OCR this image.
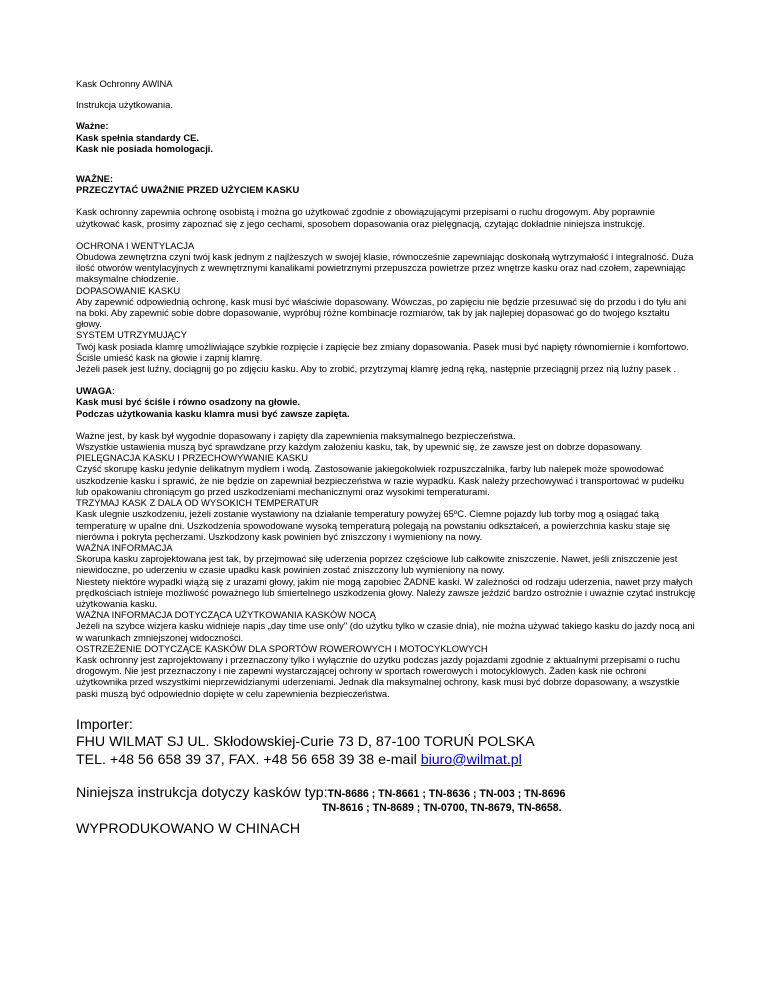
Kask Ochronny AWINA

Instrukcja użytkowania.

Ważne:

Kask spełnia standardy CE.

Kask nie posiada homologacji.

WAŻNE:

PRZECZYTAĆ UWAŻNIE PRZED UŻYCIEM KASKU

Kask ochronny zapewnia ochronę osobistą i można go użytkować zgodnie z obowiązującymi przepisami o ruchu drogowym. Aby poprawnie użytkować kask, prosimy zapoznać się z jego cechami, sposobem dopasowania oraz pielęgnacją, czytając dokładnie niniejsza instrukcję.

OCHRONA I WENTYLACJA

Obudowa zewnętrzna czyni twój kask jednym z najlżeszych w swojej klasie, równocześnie zapewniając doskonałą wytrzymałość i integralność. Duża ilość otworów wentylacyjnych z wewnętrznymi kanalikami powietrznymi przepuszcza powietrze przez wnętrze kasku oraz nad czołem, zapewniając maksymalne chłodzenie.

DOPASOWANIE KASKU

Aby zapewnić odpowiednią ochronę, kask musi być właściwie dopasowany. Wówczas, po zapięciu nie będzie przesuwać się do przodu i do tyłu ani na boki. Aby zapewnić sobie dobre dopasowanie, wypróbuj różne kombinacje rozmiarów, tak by jak najlepiej dopasować go do twojego kształtu głowy.

SYSTEM UTRZYMUJĄCY

Twój kask posiada klamrę umożliwiające szybkie rozpięcie i zapięcie bez zmiany dopasowania. Pasek musi być napięty równomiernie i komfortowo. Ściśle umieść kask na głowie i zapnij klamrę.

Jeżeli pasek jest luźny, dociągnij go po zdjęciu kasku. Aby to zrobić, przytrzymaj klamrę jedną ręką, następnie przeciągnij przez nią luźny pasek .

UWAGA:

Kask musi być ściśle i równo osadzony na głowie.

Podczas użytkowania kasku klamra musi być zawsze zapięta.

Ważne jest, by kask był wygodnie dopasowany i zapięty dla zapewnienia maksymalnego bezpieczeństwa.

Wszystkie ustawienia muszą być sprawdzane przy każdym założeniu kasku, tak, by upewnić się, że zawsze jest on dobrze dopasowany.

PIELĘGNACJA KASKU I PRZECHOWYWANIE KASKU

Czyść skorupę kasku jedynie delikatnym mydłem i wodą. Zastosowanie jakiegokolwiek rozpuszczalnika, farby lub nalepek może spowodować uszkodzenie kasku i sprawić, że nie będzie on zapewniał bezpieczeństwa w razie wypadku. Kask należy przechowywać i transportować w pudełku lub opakowaniu chroniącym go przed uszkodzeniami mechanicznymi oraz wysokimi temperaturami.

TRZYMAJ KASK Z DALA OD WYSOKICH TEMPERATUR

Kask ulegnie uszkodzeniu, jeżeli zostanie wystawiony na działanie temperatury powyżej 65ºC. Ciemne pojazdy lub torby mog ą osiągać taką temperaturę w upalne dni. Uszkodzenia spowodowane wysoką temperaturą polegają na powstaniu odkształceń, a powierzchnia kasku staje się nierówna i pokryta pęcherzami. Uszkodzony kask powinien być zniszczony i wymieniony na nowy.

WAŻNA INFORMACJA

Skorupa kasku zaprojektowana jest tak, by przejmować siłę uderzenia poprzez częściowe lub całkowite zniszczenie. Nawet, jeśli zniszczenie jest niewidoczne, po uderzeniu w czasie upadku kask powinien zostać zniszczony lub wymieniony na nowy.

Niestety niektóre wypadki wiążą się z urazami głowy, jakim nie mogą zapobiec ŻADNE kaski. W zależności od rodzaju uderzenia, nawet przy małych prędkościach istnieje możliwość poważnego lub śmiertelnego uszkodzenia głowy. Należy zawsze jeździć bardzo ostrożnie i uważnie czytać instrukcję użytkowania kasku.

WAŻNA INFORMACJA DOTYCZĄCA UŻYTKOWANIA KASKÓW NOCĄ

Jeżeli na szybce wizjera kasku widnieje napis „day time use only" (do użytku tylko w czasie dnia), nie można używać takiego kasku do jazdy nocą ani w warunkach zmniejszonej widoczności.

OSTRZEŻENIE DOTYCZĄCE KASKÓW DLA SPORTÓW ROWEROWYCH I MOTOCYKLOWYCH

Kask ochronny jest zaprojektowany i przeznaczony tylko i wyłącznie do użytku podczas jazdy pojazdami zgodnie z aktualnymi przepisami o ruchu drogowym. Nie jest przeznaczony i nie zapewni wystarczającej ochrony w sportach rowerowych i motocyklowych. Żaden kask nie ochroni użytkownika przed wszystkimi nieprzewidzianymi uderzeniami. Jednak dla maksymalnej ochrony, kask musi być dobrze dopasowany, a wszystkie paski muszą być odpowiednio dopięte w celu zapewnienia bezpieczeństwa.

Importer:

FHU WILMAT SJ UL. Skłodowskiej-Curie 73 D, 87-100 TORUŃ POLSKA

TEL. +48 56 658 39 37, FAX. +48 56 658 39 38 e-mail biuro@wilmat.pl

Niniejsza instrukcja dotyczy kasków typ:TN-8686 ; TN-8661 ; TN-8636 ; TN-003 ; TN-8696

TN-8616 ; TN-8689 ; TN-0700, TN-8679, TN-8658.

WYPRODUKOWANO W CHINACH
